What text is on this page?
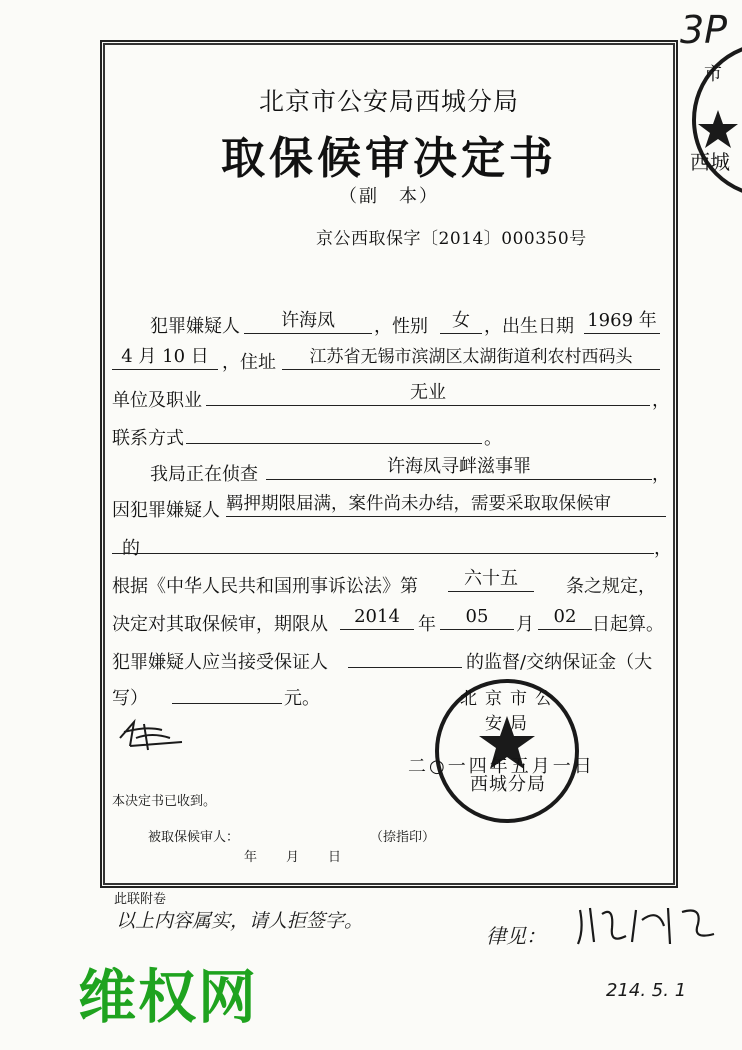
3P
市
西城
北京市公安局西城分局
取保候审决定书
（副　本）
京公西取保字〔2014〕000350号
犯罪嫌疑人	许海凤	，性别	女 ，出生日期 1969 年
4 月 10 日 ，住址	江苏省无锡市滨湖区太湖街道利农村西码头
单位及职业	无业	，
联系方式	。
我局正在侦查	许海凤寻衅滋事罪	，
因犯罪嫌疑人 羁押期限届满，案件尚未办结，需要采取取保候审
的	，
根据《中华人民共和国刑事诉讼法》第	六十五	条之规定，
决定对其取保候审，期限从	2014	年	05	月	02 日起算。
犯罪嫌疑人应当接受保证人	的监督/交纳保证金（大
写）	元。	北京市公安局
西城分局
二○一四年五月一日
本决定书已收到。
被取保候审人：	（捺指印）
年　月　日
此联附卷
以上内容属实，请人拒签字。
律见：
214. 5. 1
维权网
